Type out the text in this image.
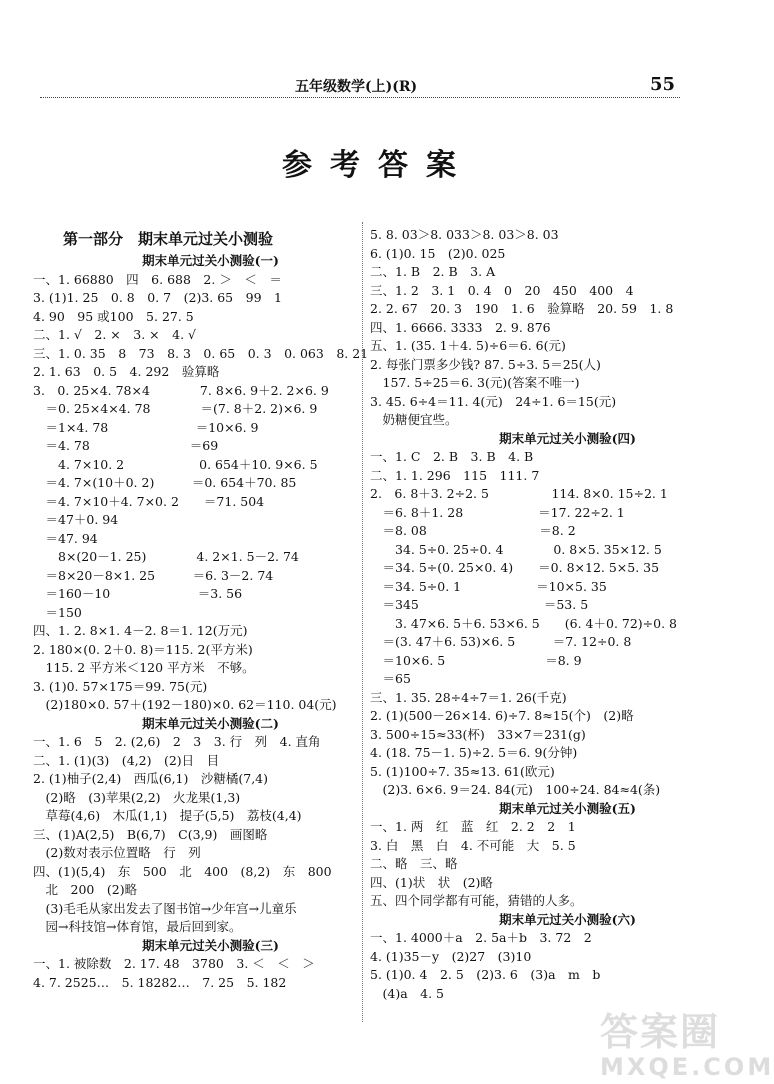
五年级数学(上)(R)	55
参考答案
第一部分　期末单元过关小测验
期末单元过关小测验(一)
一、1. 66880　四　6. 688　2. ＞　＜　＝
3. (1)1. 25　0. 8　0. 7　(2)3. 65　99　1
4. 90　95 或100　5. 27. 5
二、1. √　2. ×　3. ×　4. √
三、1. 0. 35　8　73　8. 3　0. 65　0. 3　0. 063　8. 21
2. 1. 63　0. 5　4. 292　验算略
3.　0. 25×4. 78×4　　　　7. 8×6. 9＋2. 2×6. 9
　＝0. 25×4×4. 78　　　　＝(7. 8＋2. 2)×6. 9
　＝1×4. 78　　　　　　　＝10×6. 9
　＝4. 78　　　　　　　　＝69
　　4. 7×10. 2　　　　　　0. 654＋10. 9×6. 5
　＝4. 7×(10＋0. 2)　　　＝0. 654＋70. 85
　＝4. 7×10＋4. 7×0. 2　　＝71. 504
　＝47＋0. 94
　＝47. 94
　　8×(20－1. 25)　　　　4. 2×1. 5－2. 74
　＝8×20－8×1. 25　　　＝6. 3－2. 74
　＝160－10　　　　　　　＝3. 56
　＝150
四、1. 2. 8×1. 4－2. 8＝1. 12(万元)
2. 180×(0. 2＋0. 8)＝115. 2(平方米)
　115. 2 平方米＜120 平方米　不够。
3. (1)0. 57×175＝99. 75(元)
　(2)180×0. 57＋(192－180)×0. 62＝110. 04(元)
期末单元过关小测验(二)
一、1. 6　5　2. (2,6)　2　3　3. 行　列　4. 直角
二、1. (1)(3)　(4,2)　(2)日　目
2. (1)柚子(2,4)　西瓜(6,1)　沙糖橘(7,4)
　(2)略　(3)苹果(2,2)　火龙果(1,3)
　草莓(4,6)　木瓜(1,1)　提子(5,5)　荔枝(4,4)
三、(1)A(2,5)　B(6,7)　C(3,9)　画图略
　(2)数对表示位置略　行　列
四、(1)(5,4)　东　500　北　400　(8,2)　东　800
　北　200　(2)略
　(3)毛毛从家出发去了图书馆→少年宫→儿童乐
　园→科技馆→体育馆，最后回到家。
期末单元过关小测验(三)
一、1. 被除数　2. 17. 48　3780　3. ＜　＜　＞
4. 7. 2525…　5. 18282…　7. 25　5. 182
5. 8. 03＞8. 033＞8. 03＞8. 03
6. (1)0. 15　(2)0. 025
二、1. B　2. B　3. A
三、1. 2　3. 1　0. 4　0　20　450　400　4
2. 2. 67　20. 3　190　1. 6　验算略　20. 59　1. 8
四、1. 6666. 3333　2. 9. 876
五、1. (35. 1＋4. 5)÷6＝6. 6(元)
2. 每张门票多少钱? 87. 5÷3. 5＝25(人)
　157. 5÷25＝6. 3(元)(答案不唯一)
3. 45. 6÷4＝11. 4(元)　24÷1. 6＝15(元)
　奶糖便宜些。
期末单元过关小测验(四)
一、1. C　2. B　3. B　4. B
二、1. 1. 296　115　111. 7
2.　6. 8＋3. 2÷2. 5　　　　　114. 8×0. 15÷2. 1
　＝6. 8＋1. 28　　　　　　＝17. 22÷2. 1
　＝8. 08　　　　　　　　　＝8. 2
　　34. 5÷0. 25÷0. 4　　　　0. 8×5. 35×12. 5
　＝34. 5÷(0. 25×0. 4)　　＝0. 8×12. 5×5. 35
　＝34. 5÷0. 1　　　　　　＝10×5. 35
　＝345　　　　　　　　　　＝53. 5
　　3. 47×6. 5＋6. 53×6. 5　　(6. 4＋0. 72)÷0. 8
　＝(3. 47＋6. 53)×6. 5　　　＝7. 12÷0. 8
　＝10×6. 5　　　　　　　　＝8. 9
　＝65
三、1. 35. 28÷4÷7＝1. 26(千克)
2. (1)(500－26×14. 6)÷7. 8≈15(个)　(2)略
3. 500÷15≈33(杯)　33×7＝231(g)
4. (18. 75－1. 5)÷2. 5＝6. 9(分钟)
5. (1)100÷7. 35≈13. 61(欧元)
　(2)3. 6×6. 9＝24. 84(元)　100÷24. 84≈4(条)
期末单元过关小测验(五)
一、1. 两　红　蓝　红　2. 2　2　1
3. 白　黑　白　4. 不可能　大　5. 5
二、略　三、略
四、(1)状　状　(2)略
五、四个同学都有可能，猜错的人多。
期末单元过关小测验(六)
一、1. 4000＋a　2. 5a＋b　3. 72　2
4. (1)35－y　(2)27　(3)10
5. (1)0. 4　2. 5　(2)3. 6　(3)a　m　b
　(4)a　4. 5
答案圈
MXQE.COM
